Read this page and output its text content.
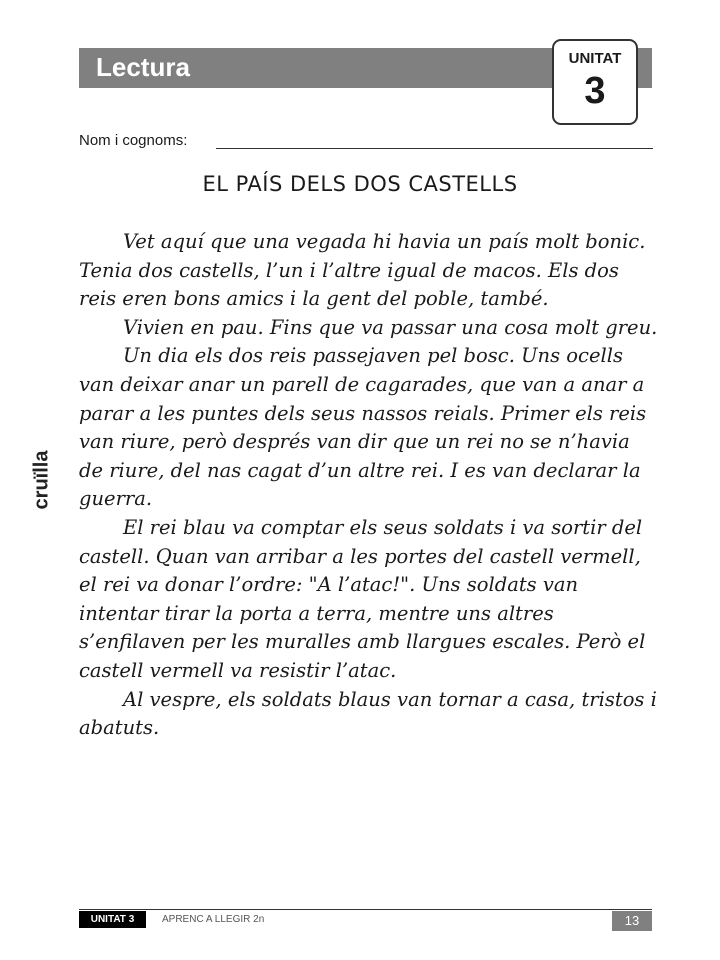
Lectura	UNITAT
3
Nom i cognoms:
EL PAÍS DELS DOS CASTELLS

Vet aquí que una vegada hi havia un país molt bonic. Tenia dos castells, l’un i l’altre igual de macos. Els dos reis eren bons amics i la gent del poble, també.

Vivien en pau. Fins que va passar una cosa molt greu.

Un dia els dos reis passejaven pel bosc. Uns ocells van deixar anar un parell de cagarades, que van a anar a parar a les puntes dels seus nassos reials. Primer els reis van riure, però després van dir que un rei no se n’havia de riure, del nas cagat d’un altre rei. I es van declarar la guerra.

El rei blau va comptar els seus soldats i va sortir del castell. Quan van arribar a les portes del castell vermell, el rei va donar l’ordre: "A l’atac!". Uns soldats van intentar tirar la porta a terra, mentre uns altres s’enfilaven per les muralles amb llargues escales. Però el castell vermell va resistir l’atac.

Al vespre, els soldats blaus van tornar a casa, tristos i abatuts.

cruïlla
UNITAT 3	APRENC A LLEGIR 2n	13
